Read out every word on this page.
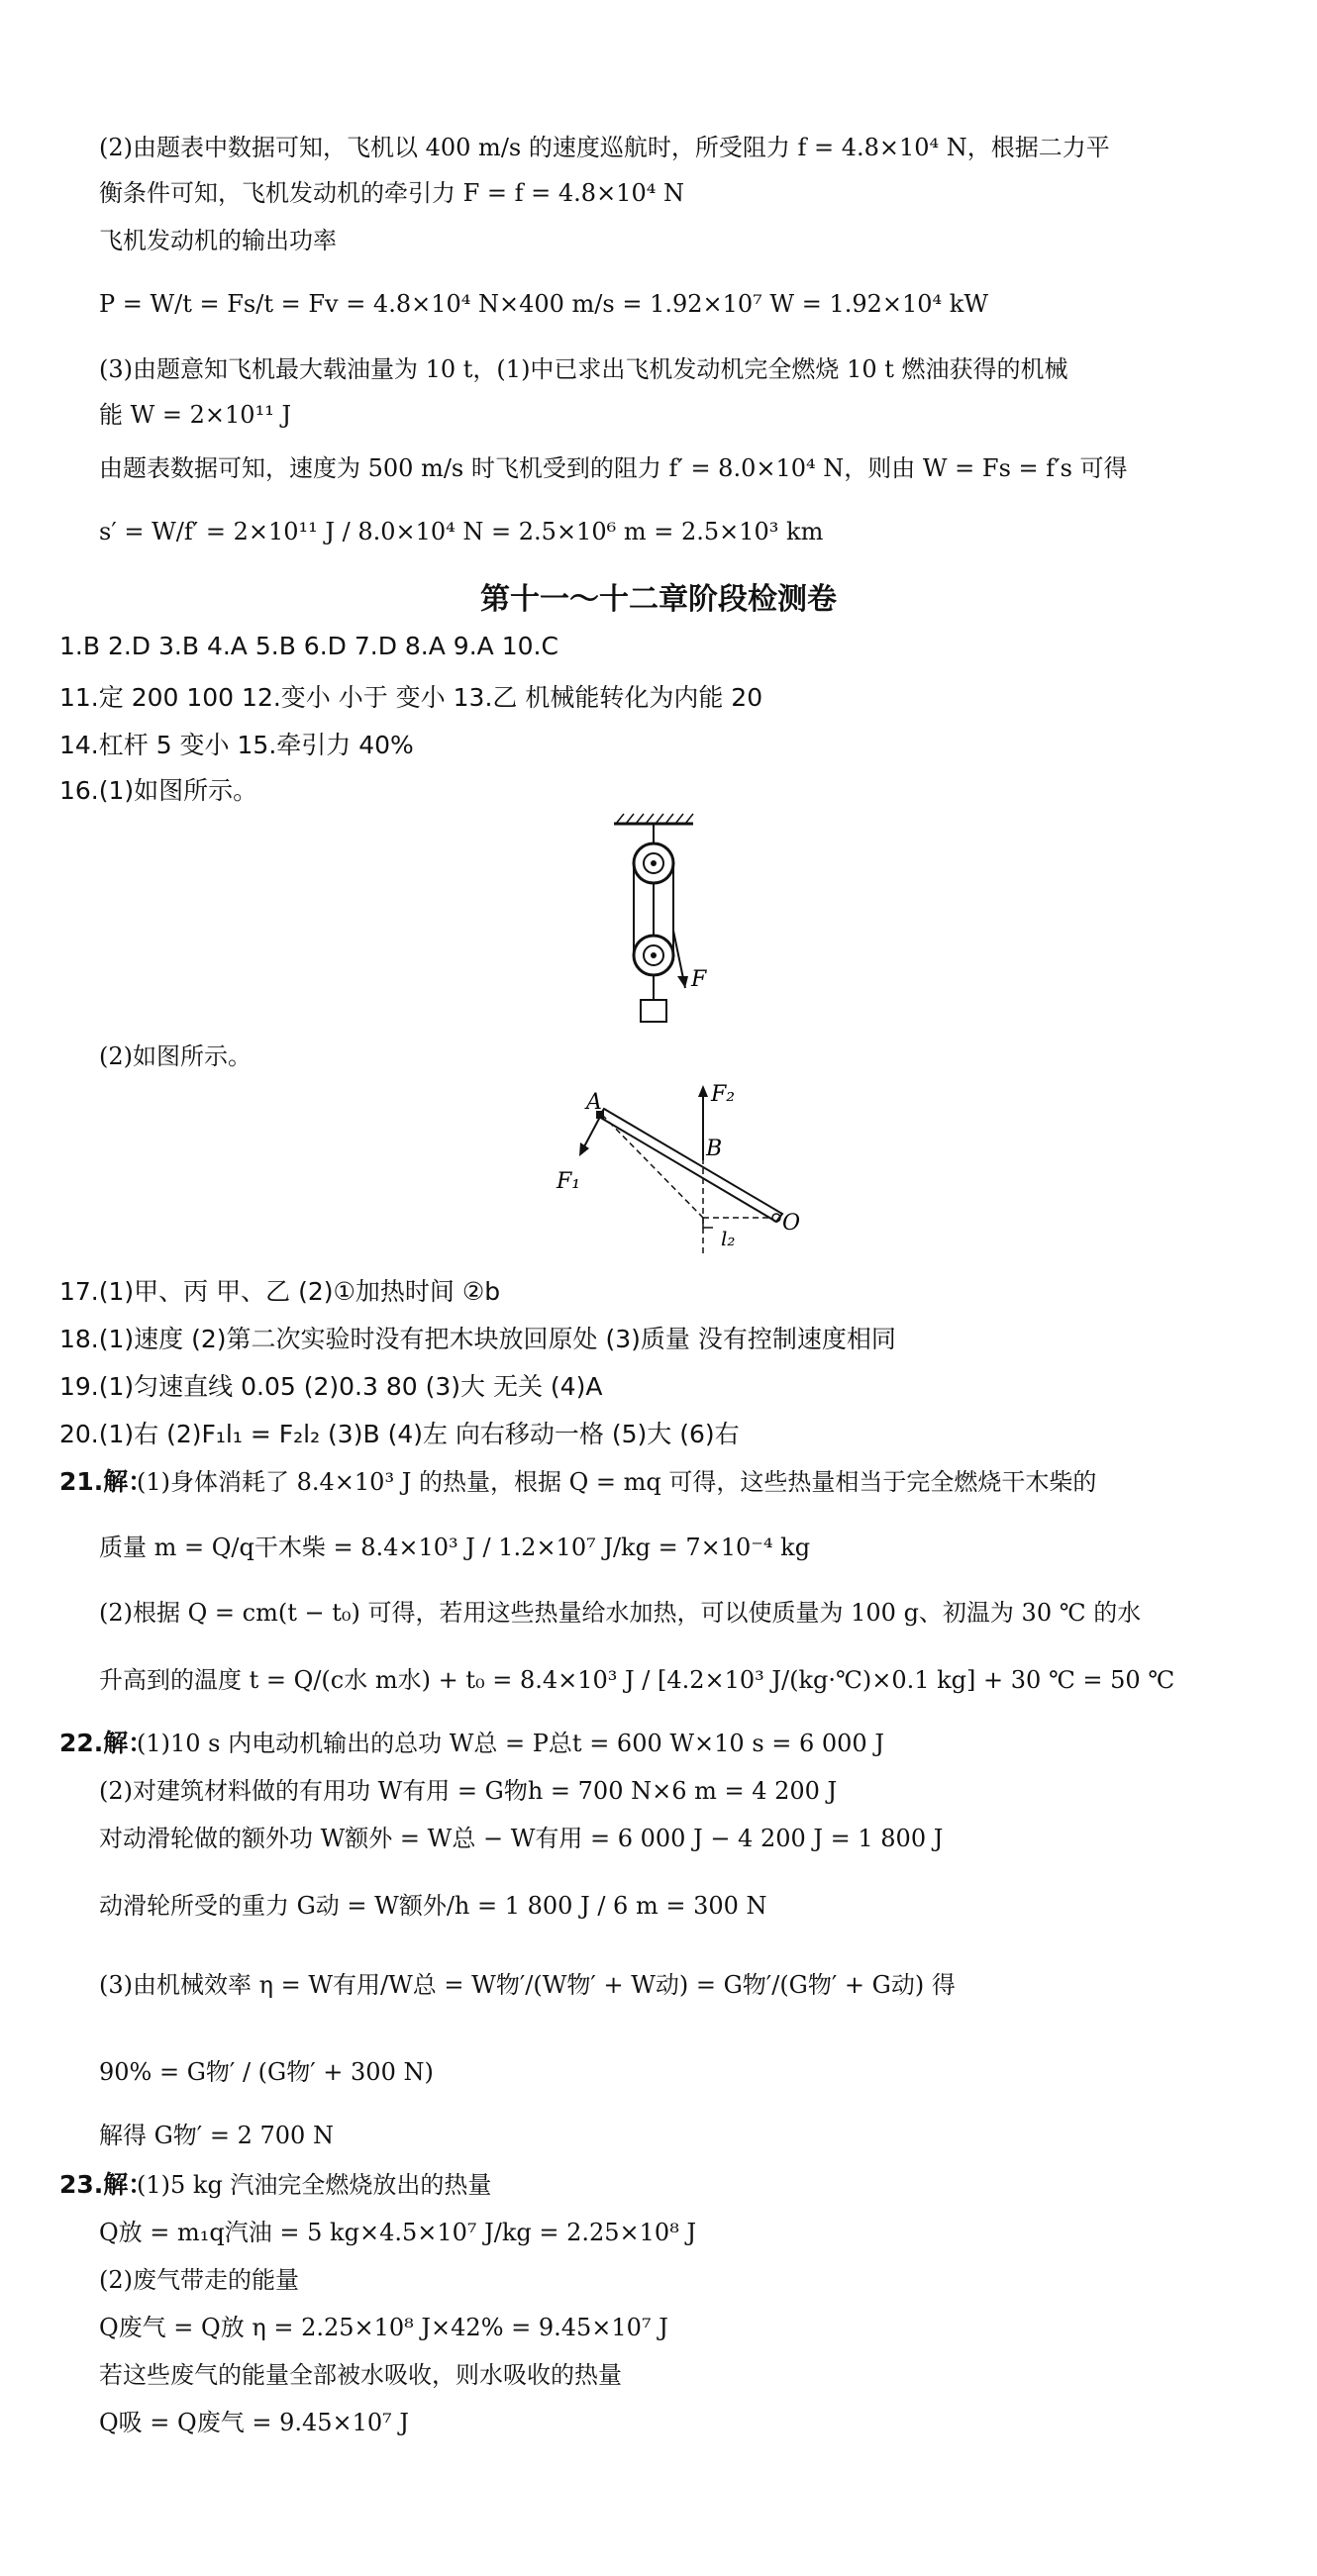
(2)由题表中数据可知，飞机以 400 m/s 的速度巡航时，所受阻力 f = 4.8×10⁴ N，根据二力平
衡条件可知，飞机发动机的牵引力 F = f = 4.8×10⁴ N
飞机发动机的输出功率
P = W/t = Fs/t = Fv = 4.8×10⁴ N×400 m/s = 1.92×10⁷ W = 1.92×10⁴ kW
(3)由题意知飞机最大载油量为 10 t，(1)中已求出飞机发动机完全燃烧 10 t 燃油获得的机械
能 W = 2×10¹¹ J
由题表数据可知，速度为 500 m/s 时飞机受到的阻力 f′ = 8.0×10⁴ N，则由 W = Fs = f′s 可得
s′ = W/f′ = 2×10¹¹ J / 8.0×10⁴ N = 2.5×10⁶ m = 2.5×10³ km
第十一～十二章阶段检测卷
1.B 2.D 3.B 4.A 5.B 6.D 7.D 8.A 9.A 10.C
11.定 200 100 12.变小 小于 变小 13.乙 机械能转化为内能 20
14.杠杆 5 变小 15.牵引力 40%
16.(1)如图所示。
F
(2)如图所示。
A
B
O
F₂
F₁
l₂
17.(1)甲、丙 甲、乙 (2)①加热时间 ②b
18.(1)速度 (2)第二次实验时没有把木块放回原处 (3)质量 没有控制速度相同
19.(1)匀速直线 0.05 (2)0.3 80 (3)大 无关 (4)A
20.(1)右 (2)F₁l₁ = F₂l₂ (3)B (4)左 向右移动一格 (5)大 (6)右
21.解：
(1)身体消耗了 8.4×10³ J 的热量，根据 Q = mq 可得，这些热量相当于完全燃烧干木柴的
质量 m = Q/q干木柴 = 8.4×10³ J / 1.2×10⁷ J/kg = 7×10⁻⁴ kg
(2)根据 Q = cm(t − t₀) 可得，若用这些热量给水加热，可以使质量为 100 g、初温为 30 ℃ 的水
升高到的温度 t = Q/(c水 m水) + t₀ = 8.4×10³ J / [4.2×10³ J/(kg·℃)×0.1 kg] + 30 ℃ = 50 ℃
22.解：
(1)10 s 内电动机输出的总功 W总 = P总t = 600 W×10 s = 6 000 J
(2)对建筑材料做的有用功 W有用 = G物h = 700 N×6 m = 4 200 J
对动滑轮做的额外功 W额外 = W总 − W有用 = 6 000 J − 4 200 J = 1 800 J
动滑轮所受的重力 G动 = W额外/h = 1 800 J / 6 m = 300 N
(3)由机械效率 η = W有用/W总 = W物′/(W物′ + W动) = G物′/(G物′ + G动) 得
90% = G物′ / (G物′ + 300 N)
解得 G物′ = 2 700 N
23.解：
(1)5 kg 汽油完全燃烧放出的热量
Q放 = m₁q汽油 = 5 kg×4.5×10⁷ J/kg = 2.25×10⁸ J
(2)废气带走的能量
Q废气 = Q放 η = 2.25×10⁸ J×42% = 9.45×10⁷ J
若这些废气的能量全部被水吸收，则水吸收的热量
Q吸 = Q废气 = 9.45×10⁷ J
